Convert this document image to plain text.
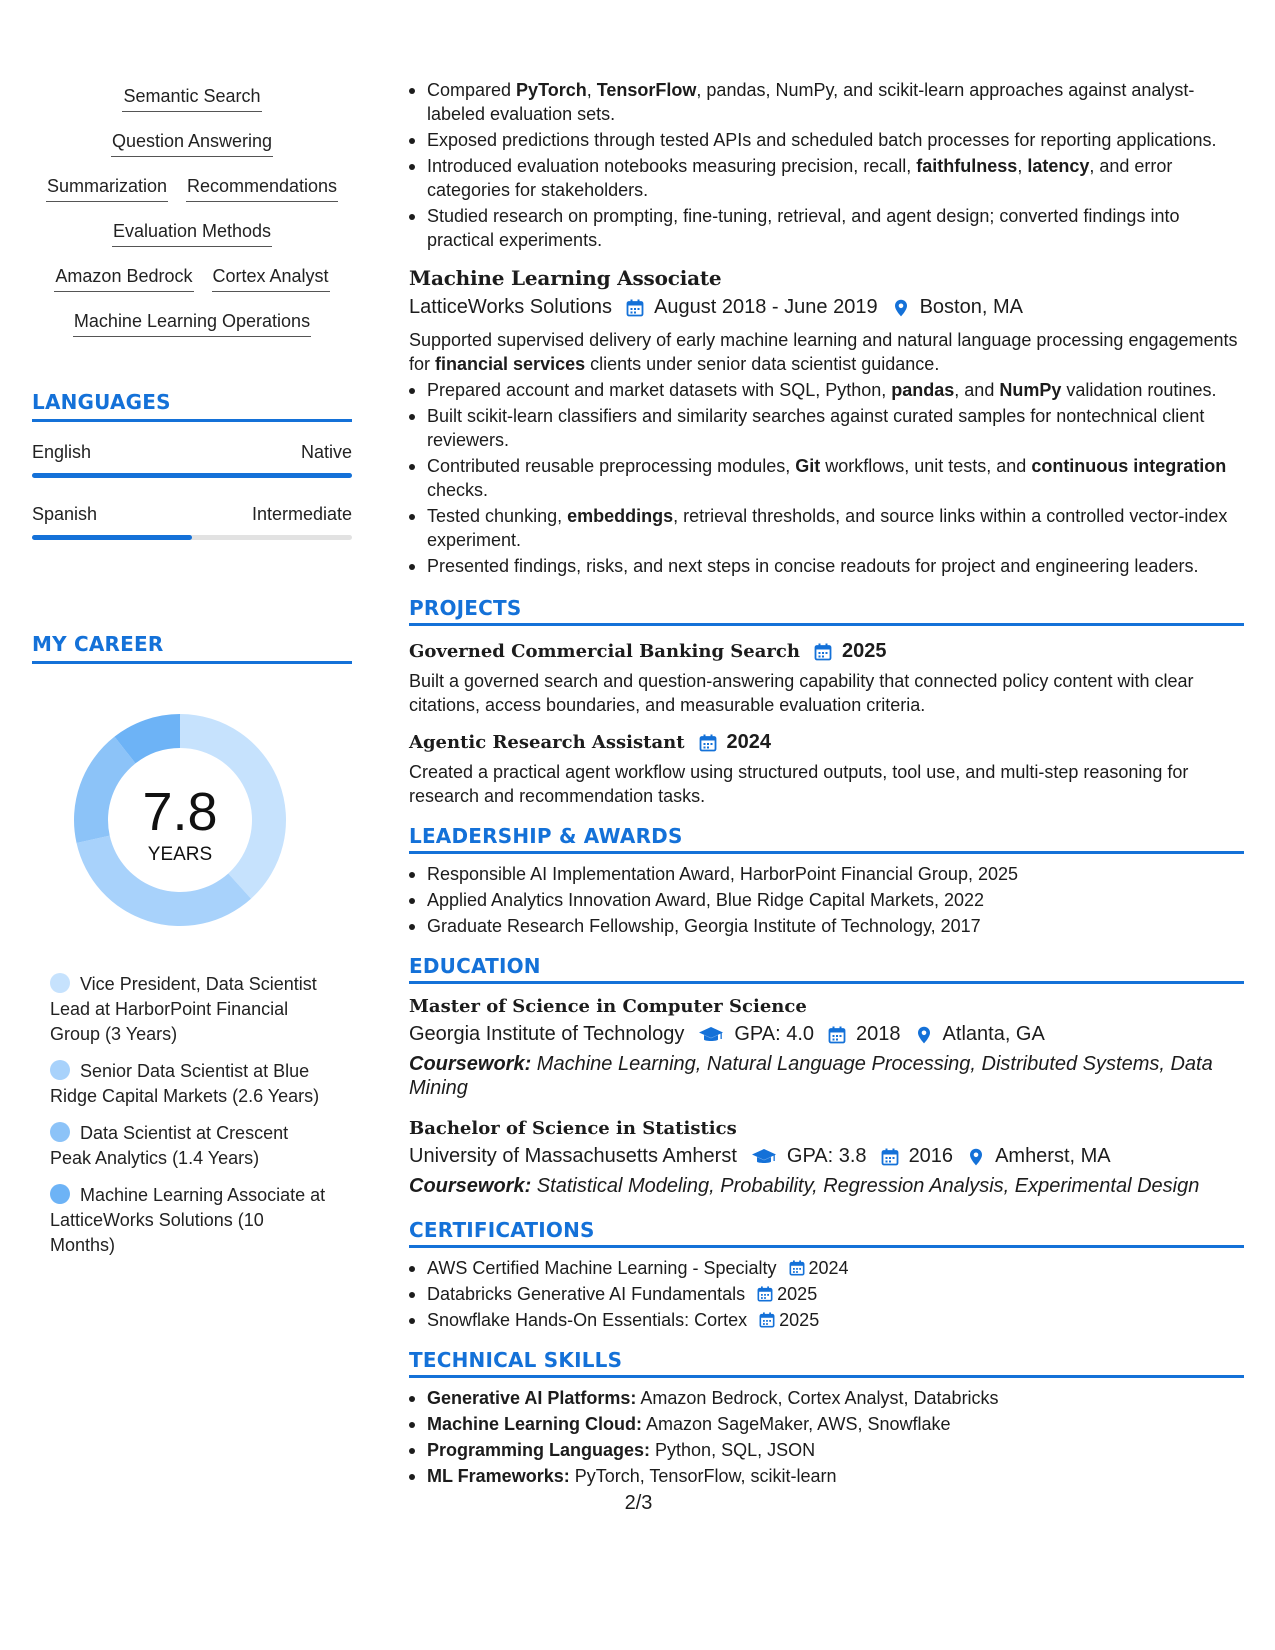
Semantic Search
Question Answering
Summarization Recommendations
Evaluation Methods
Amazon Bedrock Cortex Analyst
Machine Learning Operations
LANGUAGES
English	Native
Spanish	Intermediate
MY CAREER
7.8
YEARS
Vice President, Data Scientist Lead at HarborPoint Financial Group (3 Years)
Senior Data Scientist at Blue Ridge Capital Markets (2.6 Years)
Data Scientist at Crescent Peak Analytics (1.4 Years)
Machine Learning Associate at LatticeWorks Solutions (10 Months)
Compared PyTorch, TensorFlow, pandas, NumPy, and scikit-learn approaches against analyst-labeled evaluation sets.
Exposed predictions through tested APIs and scheduled batch processes for reporting applications.
Introduced evaluation notebooks measuring precision, recall, faithfulness, latency, and error categories for stakeholders.
Studied research on prompting, fine-tuning, retrieval, and agent design; converted findings into practical experiments.
Machine Learning Associate
LatticeWorks Solutions August 2018 - June 2019 Boston, MA
Supported supervised delivery of early machine learning and natural language processing engagements for financial services clients under senior data scientist guidance.
Prepared account and market datasets with SQL, Python, pandas, and NumPy validation routines.
Built scikit-learn classifiers and similarity searches against curated samples for nontechnical client reviewers.
Contributed reusable preprocessing modules, Git workflows, unit tests, and continuous integration checks.
Tested chunking, embeddings, retrieval thresholds, and source links within a controlled vector-index experiment.
Presented findings, risks, and next steps in concise readouts for project and engineering leaders.
PROJECTS
Governed Commercial Banking Search 2025
Built a governed search and question-answering capability that connected policy content with clear citations, access boundaries, and measurable evaluation criteria.
Agentic Research Assistant 2024
Created a practical agent workflow using structured outputs, tool use, and multi-step reasoning for research and recommendation tasks.
LEADERSHIP & AWARDS
Responsible AI Implementation Award, HarborPoint Financial Group, 2025
Applied Analytics Innovation Award, Blue Ridge Capital Markets, 2022
Graduate Research Fellowship, Georgia Institute of Technology, 2017
EDUCATION
Master of Science in Computer Science
Georgia Institute of Technology	GPA: 4.0 2018 Atlanta, GA
Coursework: Machine Learning, Natural Language Processing, Distributed Systems, Data Mining
Bachelor of Science in Statistics
University of Massachusetts Amherst	GPA: 3.8 2016 Amherst, MA
Coursework: Statistical Modeling, Probability, Regression Analysis, Experimental Design
CERTIFICATIONS
AWS Certified Machine Learning - Specialty 2024
Databricks Generative AI Fundamentals 2025
Snowflake Hands-On Essentials: Cortex 2025
TECHNICAL SKILLS
Generative AI Platforms: Amazon Bedrock, Cortex Analyst, Databricks
Machine Learning Cloud: Amazon SageMaker, AWS, Snowflake
Programming Languages: Python, SQL, JSON
ML Frameworks: PyTorch, TensorFlow, scikit-learn
2/3
